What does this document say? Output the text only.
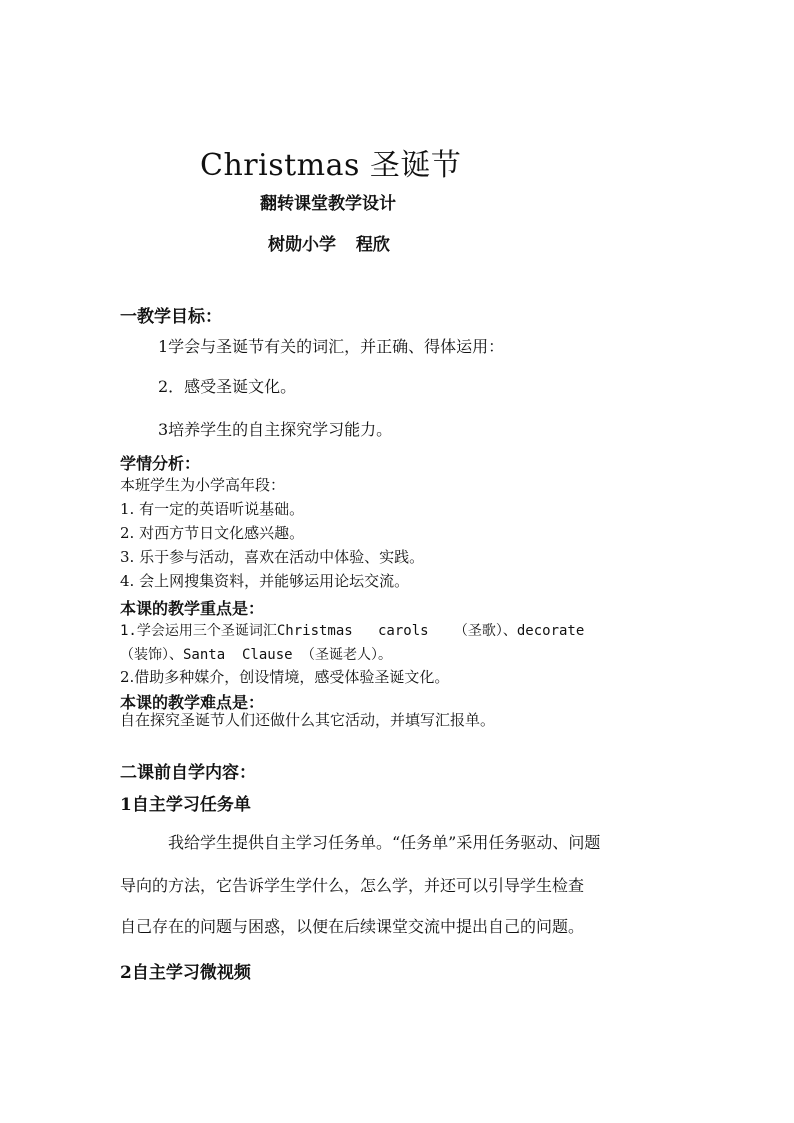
Christmas 圣诞节
翻转课堂教学设计
树勋小学 程欣
一教学目标：
1学会与圣诞节有关的词汇，并正确、得体运用：
2．感受圣诞文化。
3培养学生的自主探究学习能力。
学情分析：
本班学生为小学高年段：
1. 有一定的英语听说基础。
2. 对西方节日文化感兴趣。
3. 乐于参与活动，喜欢在活动中体验、实践。
4. 会上网搜集资料，并能够运用论坛交流。
本课的教学重点是：
1.学会运用三个圣诞词汇Christmas   carols   （圣歌）、decorate
（装饰）、Santa  Clause （圣诞老人）。
2.借助多种媒介，创设情境，感受体验圣诞文化。
本课的教学难点是：
自在探究圣诞节人们还做什么其它活动，并填写汇报单。
二课前自学内容：
1自主学习任务单
我给学生提供自主学习任务单。“任务单”采用任务驱动、问题
导向的方法，它告诉学生学什么，怎么学，并还可以引导学生检查
自己存在的问题与困惑，以便在后续课堂交流中提出自己的问题。
2自主学习微视频
